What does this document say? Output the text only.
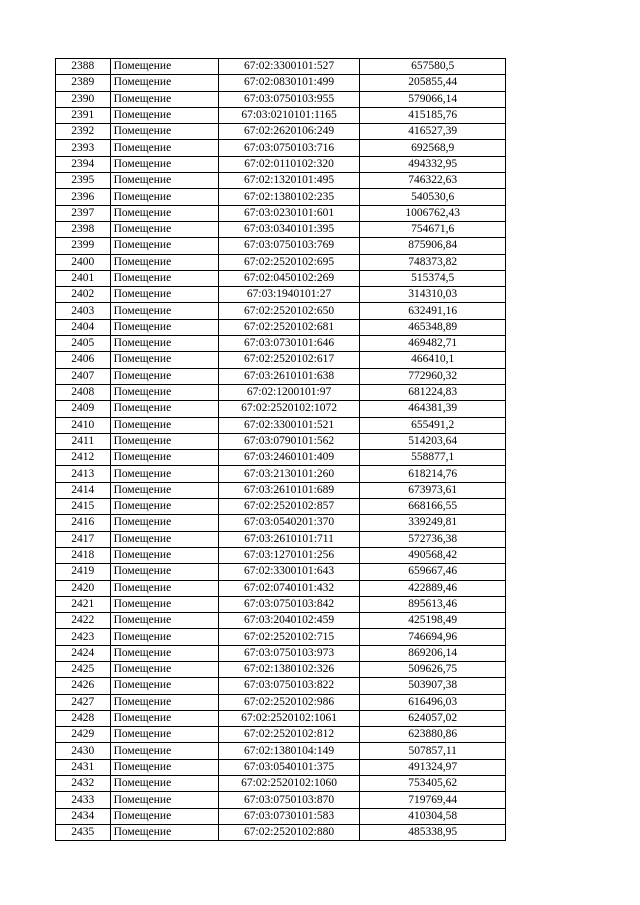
2388	Помещение	67:02:3300101:527	657580,5
2389	Помещение	67:02:0830101:499	205855,44
2390	Помещение	67:03:0750103:955	579066,14
2391	Помещение	67:03:0210101:1165	415185,76
2392	Помещение	67:02:2620106:249	416527,39
2393	Помещение	67:03:0750103:716	692568,9
2394	Помещение	67:02:0110102:320	494332,95
2395	Помещение	67:02:1320101:495	746322,63
2396	Помещение	67:02:1380102:235	540530,6
2397	Помещение	67:03:0230101:601	1006762,43
2398	Помещение	67:03:0340101:395	754671,6
2399	Помещение	67:03:0750103:769	875906,84
2400	Помещение	67:02:2520102:695	748373,82
2401	Помещение	67:02:0450102:269	515374,5
2402	Помещение	67:03:1940101:27	314310,03
2403	Помещение	67:02:2520102:650	632491,16
2404	Помещение	67:02:2520102:681	465348,89
2405	Помещение	67:03:0730101:646	469482,71
2406	Помещение	67:02:2520102:617	466410,1
2407	Помещение	67:03:2610101:638	772960,32
2408	Помещение	67:02:1200101:97	681224,83
2409	Помещение	67:02:2520102:1072	464381,39
2410	Помещение	67:02:3300101:521	655491,2
2411	Помещение	67:03:0790101:562	514203,64
2412	Помещение	67:03:2460101:409	558877,1
2413	Помещение	67:03:2130101:260	618214,76
2414	Помещение	67:03:2610101:689	673973,61
2415	Помещение	67:02:2520102:857	668166,55
2416	Помещение	67:03:0540201:370	339249,81
2417	Помещение	67:03:2610101:711	572736,38
2418	Помещение	67:03:1270101:256	490568,42
2419	Помещение	67:02:3300101:643	659667,46
2420	Помещение	67:02:0740101:432	422889,46
2421	Помещение	67:03:0750103:842	895613,46
2422	Помещение	67:03:2040102:459	425198,49
2423	Помещение	67:02:2520102:715	746694,96
2424	Помещение	67:03:0750103:973	869206,14
2425	Помещение	67:02:1380102:326	509626,75
2426	Помещение	67:03:0750103:822	503907,38
2427	Помещение	67:02:2520102:986	616496,03
2428	Помещение	67:02:2520102:1061	624057,02
2429	Помещение	67:02:2520102:812	623880,86
2430	Помещение	67:02:1380104:149	507857,11
2431	Помещение	67:03:0540101:375	491324,97
2432	Помещение	67:02:2520102:1060	753405,62
2433	Помещение	67:03:0750103:870	719769,44
2434	Помещение	67:03:0730101:583	410304,58
2435	Помещение	67:02:2520102:880	485338,95
